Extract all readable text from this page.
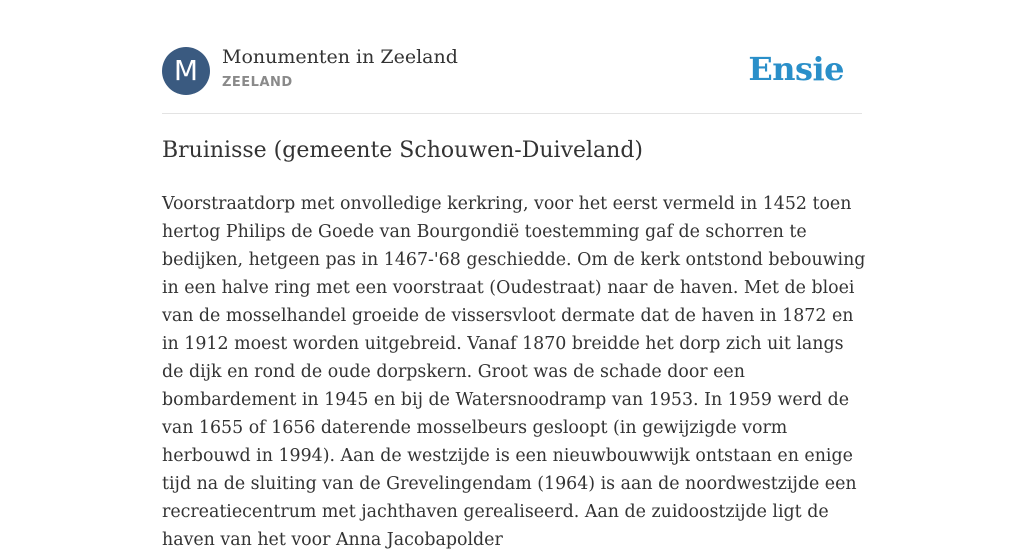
M	Monumenten in Zeeland
ZEELAND	Ensie
Bruinisse (gemeente Schouwen-Duiveland)

Voorstraatdorp met onvolledige kerkring, voor het eerst vermeld in 1452 toen hertog Philips de Goede van Bourgondië toestemming gaf de schorren te bedijken, hetgeen pas in 1467-'68 geschiedde. Om de kerk ontstond bebouwing in een halve ring met een voorstraat (Oudestraat) naar de haven. Met de bloei van de mosselhandel groeide de vissersvloot dermate dat de haven in 1872 en in 1912 moest worden uitgebreid. Vanaf 1870 breidde het dorp zich uit langs de dijk en rond de oude dorpskern. Groot was de schade door een bombardement in 1945 en bij de Watersnoodramp van 1953. In 1959 werd de van 1655 of 1656 daterende mosselbeurs gesloopt (in gewijzigde vorm herbouwd in 1994). Aan de westzijde is een nieuwbouwwijk ontstaan en enige tijd na de sluiting van de Grevelingendam (1964) is aan de noordwestzijde een recreatiecentrum met jachthaven gerealiseerd. Aan de zuidoostzijde ligt de haven van het voor Anna Jacobapolder
